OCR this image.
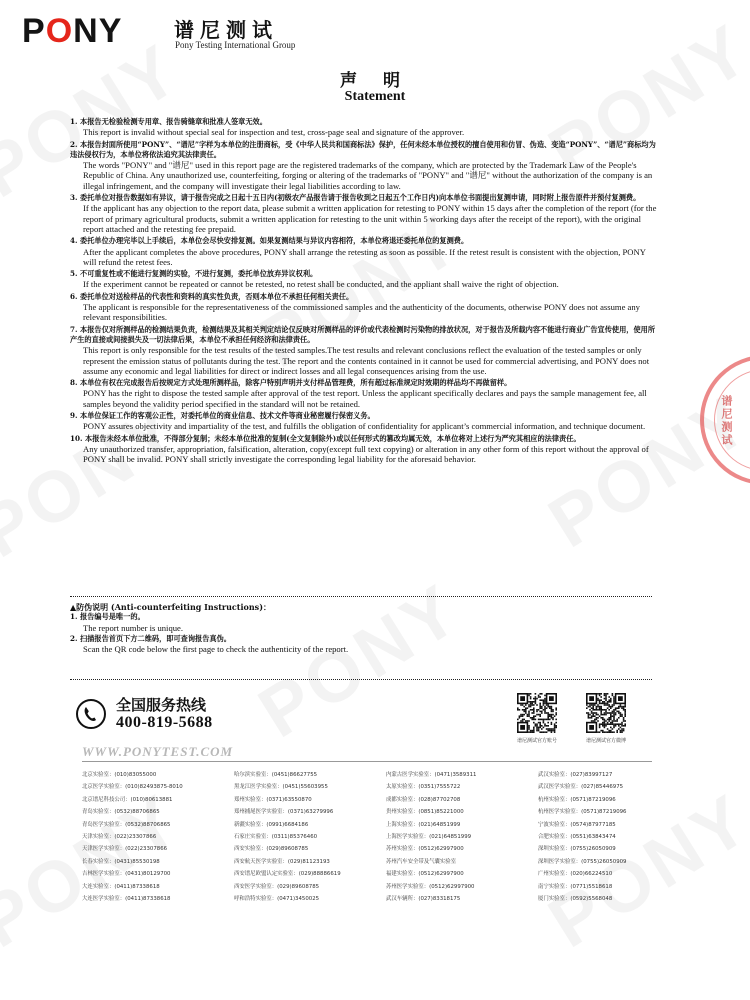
PONY	谱尼测试
Pony Testing International Group
声 明
Statement
1. 本报告无检验检测专用章、报告骑缝章和批准人签章无效。
This report is invalid without special seal for inspection and test, cross-page seal and signature of the approver.
2. 本报告封面所使用“PONY”、“谱尼”字样为本单位的注册商标，受《中华人民共和国商标法》保护，任何未经本单位授权的擅自使用和仿冒、伪造、变造“PONY”、“谱尼”商标均为违法侵权行为，本单位将依法追究其法律责任。
The words "PONY" and "谱尼" used in this report page are the registered trademarks of the company, which are protected by the Trademark Law of the People's Republic of China. Any unauthorized use, counterfeiting, forging or altering of the trademarks of "PONY" and "谱尼" without the authorization of the company is an illegal infringement, and the company will investigate their legal liabilities according to law.
3. 委托单位对报告数据如有异议，请于报告完成之日起十五日内(初级农产品报告请于报告收到之日起五个工作日内)向本单位书面提出复测申请，同时附上报告原件并预付复测费。
If the applicant has any objection to the report data, please submit a written application for retesting to PONY within 15 days after the completion of the report (for the report of primary agricultural products, submit a written application for retesting to the unit within 5 working days after the receipt of the report), with the original report attached and the retesting fee prepaid.
4. 委托单位办理完毕以上手续后，本单位会尽快安排复测。如果复测结果与异议内容相符，本单位将退还委托单位的复测费。
After the applicant completes the above procedures, PONY shall arrange the retesting as soon as possible. If the retest result is consistent with the objection, PONY will refund the retest fees.
5. 不可重复性或不能进行复测的实验，不进行复测，委托单位放弃异议权利。
If the experiment cannot be repeated or cannot be retested, no retest shall be conducted, and the appliant shall waive the right of objection.
6. 委托单位对送检样品的代表性和资料的真实性负责，否则本单位不承担任何相关责任。
The applicant is responsible for the representativeness of the commissioned samples and the authenticity of the documents, otherwise PONY does not assume any relevant responsibilities.
7. 本报告仅对所测样品的检测结果负责，检测结果及其相关判定结论仅反映对所测样品的评价或代表检测时污染物的排放状况，对于报告及所载内容不能进行商业广告宣传使用，使用所产生的直接或间接损失及一切法律后果，本单位不承担任何经济和法律责任。
This report is only responsible for the test results of the tested samples.The test results and relevant conclusions reflect the evaluation of the tested samples or only represent the emission status of pollutants during the test. The report and the contents contained in it cannot be used for commercial advertising, and PONY does not assume any economic and legal liabilities for direct or indirect losses and all legal consequences arising from the use.
8. 本单位有权在完成报告后按规定方式处理所测样品，除客户特别声明并支付样品管理费，所有超过标准规定时效期的样品均不再做留样。
PONY has the right to dispose the tested sample after approval of the test report. Unless the applicant specifically declares and pays the sample management fee, all samples beyond the validity period specified in the standard will not be retained.
9. 本单位保证工作的客观公正性，对委托单位的商业信息、技术文件等商业秘密履行保密义务。
PONY assures objectivity and impartiality of the test, and fulfills the obligation of confidentiality for applicant’s commercial information, and technique document.
10. 本报告未经本单位批准，不得部分复制；未经本单位批准的复制(全文复制除外)或以任何形式的篡改均属无效，本单位将对上述行为严究其相应的法律责任。
Any unauthorized transfer, appropriation, falsification, alteration, copy(except full text copying) or alteration in any other form of this report without the approval of PONY shall be invalid. PONY shall strictly investigate the corresponding legal liability for the aforesaid behavior.
▲防伪说明 (Anti-counterfeiting Instructions)：
1. 报告编号是唯一的。
The report number is unique.
2. 扫描报告首页下方二维码，即可查询报告真伪。
Scan the QR code below the first page to check the authenticity of the report.
全国服务热线
400-819-5688
谱尼测试官方账号	谱尼测试官方微博
WWW.PONYTEST.COM
北京实验室：(010)83055000	哈尔滨实验室：(0451)86627755	内蒙古医学实验室：(0471)3589311	武汉实验室：(027)83997127
北京医学实验室：(010)82493875-8010	黑龙江医学实验室：(0451)55603955	太原实验室：(0351)7555722	武汉医学实验室：(027)85446975
北京谱尼科技公司：(010)80613881	郑州实验室：(0371)63550870	成都实验室：(028)87702708	杭州实验室：(0571)87219096
青岛实验室：(0532)88706865	郑州捕尾医学实验室：(0371)63279996	贵州实验室：(0851)85221000	杭州医学实验室：(0571)87219096
青岛医学实验室：(0532)88706865	新疆实验室：(0991)6684186	上海实验室：(021)64851999	宁波实验室：(0574)87977185
天津实验室：(022)23307866	石家庄实验室：(0311)85376460	上海医学实验室：(021)64851999	合肥实验室：(0551)63843474
天津医学实验室：(022)23307866	西安实验室：(029)89608785	苏州实验室：(0512)62997900	深圳实验室：(0755)26050909
长春实验室：(0431)85530198	西安航天医学实验室：(029)81123193	苏州汽车安全带及气囊实验室	深圳医学实验室：(0755)26050909
吉林医学实验室：(0431)80129700	西安谱尼欧盟认定实验室：(029)88886619	福建实验室：(0512)62997900	广州实验室：(020)66224510
大连实验室：(0411)87338618	西安医学实验室：(029)89608785	苏州医学实验室：(0512)62997900	南宁实验室：(0771)5518618
大连医学实验室：(0411)87338618	呼和浩特实验室：(0471)3450025	武汉车辆所：(027)83318175	厦门实验室：(0592)5568048
谱尼测试
